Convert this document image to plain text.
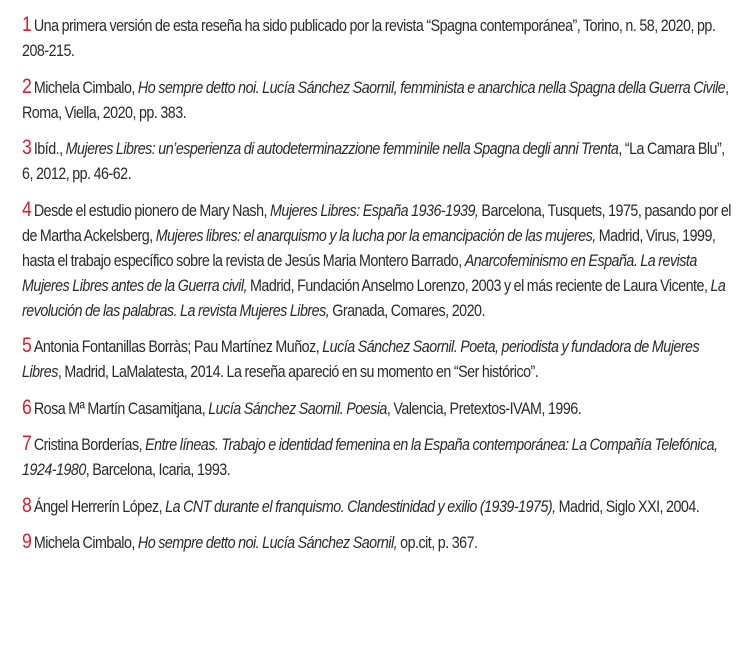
1 Una primera versión de esta reseña ha sido publicado por la revista “Spagna contemporánea”, Torino, n. 58, 2020, pp. 208-215.

2 Michela Cimbalo, Ho sempre detto noi. Lucía Sánchez Saornil, femminista e anarchica nella Spagna della Guerra Civile, Roma, Viella, 2020, pp. 383.

3 Ibíd., Mujeres Libres: un’esperienza di autodeterminazzione femminile nella Spagna degli anni Trenta, “La Camara Blu”, 6, 2012, pp. 46-62.

4 Desde el estudio pionero de Mary Nash, Mujeres Libres: España 1936-1939, Barcelona, Tusquets, 1975, pasando por el de Martha Ackelsberg, Mujeres libres: el anarquismo y la lucha por la emancipación de las mujeres, Madrid, Virus, 1999, hasta el trabajo específico sobre la revista de Jesús Maria Montero Barrado, Anarcofeminismo en España. La revista Mujeres Libres antes de la Guerra civil, Madrid, Fundación Anselmo Lorenzo, 2003 y el más reciente de Laura Vicente, La revolución de las palabras. La revista Mujeres Libres, Granada, Comares, 2020.

5 Antonia Fontanillas Borràs; Pau Martínez Muñoz, Lucía Sánchez Saornil. Poeta, periodista y fundadora de Mujeres Libres, Madrid, LaMalatesta, 2014. La reseña apareció en su momento en “Ser histórico”.

6 Rosa Mª Martín Casamitjana, Lucía Sánchez Saornil. Poesia, Valencia, Pretextos-IVAM, 1996.

7 Cristina Borderías, Entre líneas. Trabajo e identidad femenina en la España contemporánea: La Compañía Telefónica, 1924-1980, Barcelona, Icaria, 1993.

8 Ángel Herrerín López, La CNT durante el franquismo. Clandestinidad y exilio (1939-1975), Madrid, Siglo XXI, 2004.

9 Michela Cimbalo, Ho sempre detto noi. Lucía Sánchez Saornil, op.cit, p. 367.
